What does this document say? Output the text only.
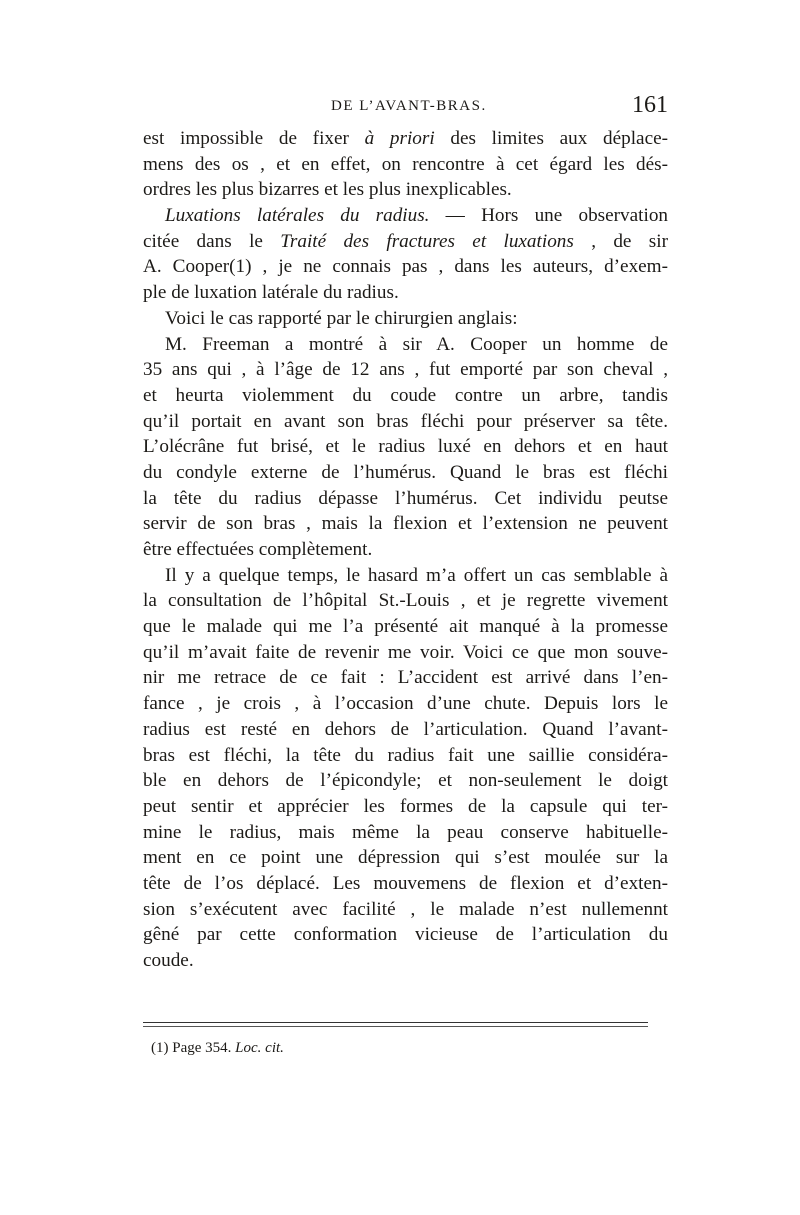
DE L’AVANT-BRAS.	161
est impossible de fixer à priori des limites aux déplace-
mens des os , et en effet, on rencontre à cet égard les dés-
ordres les plus bizarres et les plus inexplicables.
Luxations latérales du radius. — Hors une observation
citée dans le Traité des fractures et luxations , de sir
A. Cooper(1) , je ne connais pas , dans les auteurs, d’exem-
ple de luxation latérale du radius.
Voici le cas rapporté par le chirurgien anglais:
M. Freeman a montré à sir A. Cooper un homme de
35 ans qui , à l’âge de 12 ans , fut emporté par son cheval ,
et heurta violemment du coude contre un arbre, tandis
qu’il portait en avant son bras fléchi pour préserver sa tête.
L’olécrâne fut brisé, et le radius luxé en dehors et en haut
du condyle externe de l’humérus. Quand le bras est fléchi
la tête du radius dépasse l’humérus. Cet individu peutse
servir de son bras , mais la flexion et l’extension ne peuvent
être effectuées complètement.
Il y a quelque temps, le hasard m’a offert un cas semblable à
la consultation de l’hôpital St.-Louis , et je regrette vivement
que le malade qui me l’a présenté ait manqué à la promesse
qu’il m’avait faite de revenir me voir. Voici ce que mon souve-
nir me retrace de ce fait : L’accident est arrivé dans l’en-
fance , je crois , à l’occasion d’une chute. Depuis lors le
radius est resté en dehors de l’articulation. Quand l’avant-
bras est fléchi, la tête du radius fait une saillie considéra-
ble en dehors de l’épicondyle; et non-seulement le doigt
peut sentir et apprécier les formes de la capsule qui ter-
mine le radius, mais même la peau conserve habituelle-
ment en ce point une dépression qui s’est moulée sur la
tête de l’os déplacé. Les mouvemens de flexion et d’exten-
sion s’exécutent avec facilité , le malade n’est nullemennt
gêné par cette conformation vicieuse de l’articulation du
coude.
(1) Page 354. Loc. cit.
